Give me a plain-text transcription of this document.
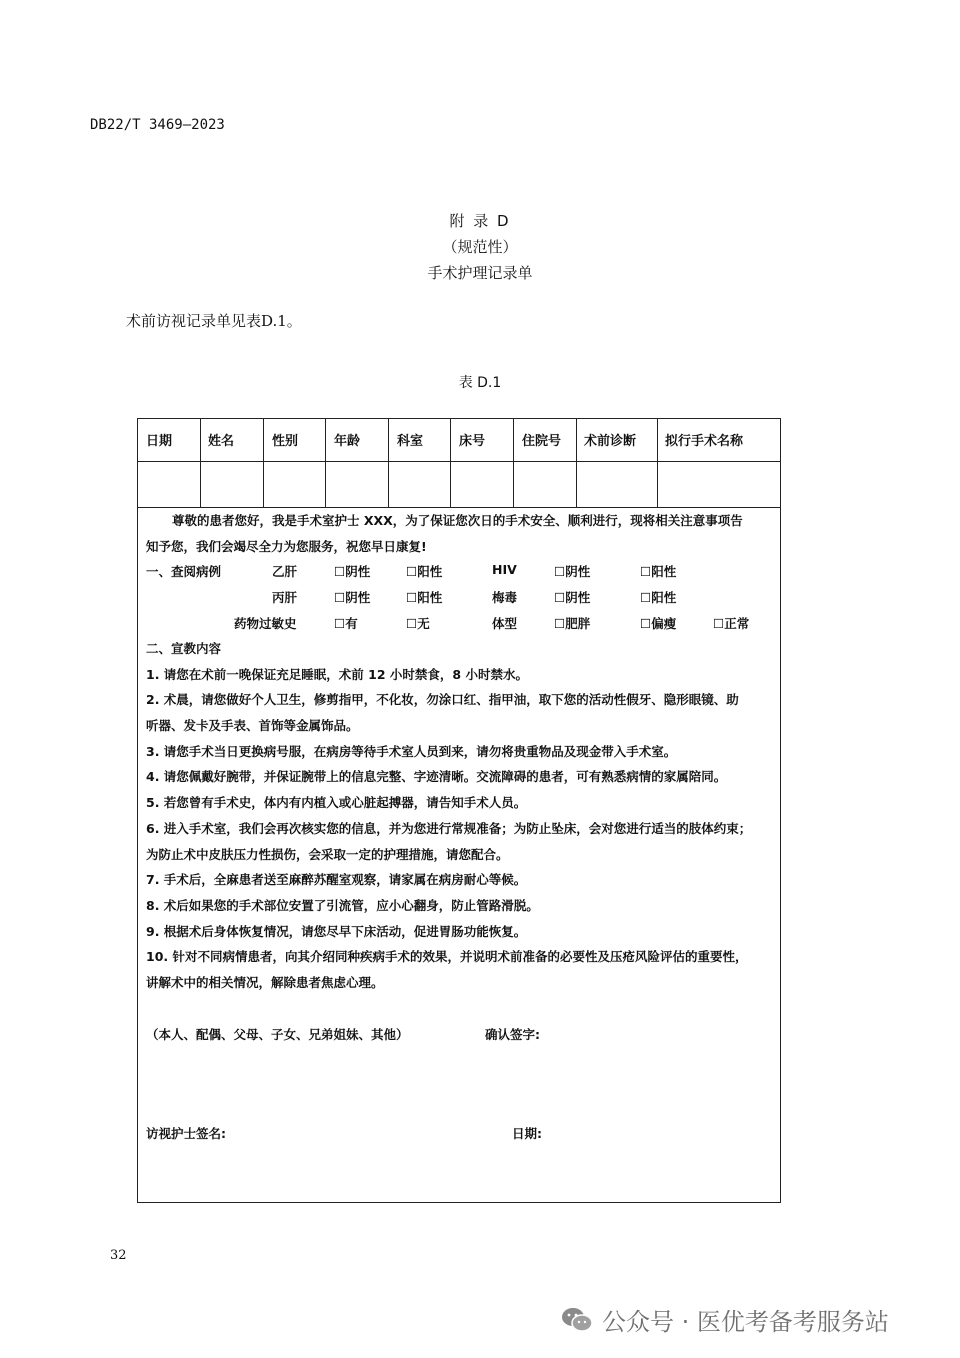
DB22/T 3469—2023
附 录 D
（规范性）
手术护理记录单
术前访视记录单见表D.1。
表 D.1
日期	姓名	性别	年龄	科室	床号	住院号 术前诊断 拟行手术名称
尊敬的患者您好，我是手术室护士 XXX，为了保证您次日的手术安全、顺利进行，现将相关注意事项告
知予您，我们会竭尽全力为您服务，祝您早日康复!
一、查阅病例	乙肝	☐阴性	☐阳性	HIV	☐阴性	☐阳性
丙肝	☐阴性	☐阳性	梅毒	☐阴性	☐阳性
药物过敏史	☐有	☐无	体型	☐肥胖	☐偏瘦	☐正常
二、宣教内容
1. 请您在术前一晚保证充足睡眠，术前 12 小时禁食，8 小时禁水。
2. 术晨，请您做好个人卫生，修剪指甲，不化妆，勿涂口红、指甲油，取下您的活动性假牙、隐形眼镜、助
听器、发卡及手表、首饰等金属饰品。
3. 请您手术当日更换病号服，在病房等待手术室人员到来，请勿将贵重物品及现金带入手术室。
4. 请您佩戴好腕带，并保证腕带上的信息完整、字迹清晰。交流障碍的患者，可有熟悉病情的家属陪同。
5. 若您曾有手术史，体内有内植入或心脏起搏器，请告知手术人员。
6. 进入手术室，我们会再次核实您的信息，并为您进行常规准备；为防止坠床，会对您进行适当的肢体约束；
为防止术中皮肤压力性损伤，会采取一定的护理措施，请您配合。
7. 手术后，全麻患者送至麻醉苏醒室观察，请家属在病房耐心等候。
8. 术后如果您的手术部位安置了引流管，应小心翻身，防止管路滑脱。
9. 根据术后身体恢复情况，请您尽早下床活动，促进胃肠功能恢复。
10. 针对不同病情患者，向其介绍同种疾病手术的效果，并说明术前准备的必要性及压疮风险评估的重要性，
讲解术中的相关情况，解除患者焦虑心理。
（本人、配偶、父母、子女、兄弟姐妹、其他）	确认签字:
访视护士签名:	日期:
32
公众号 · 医优考备考服务站
